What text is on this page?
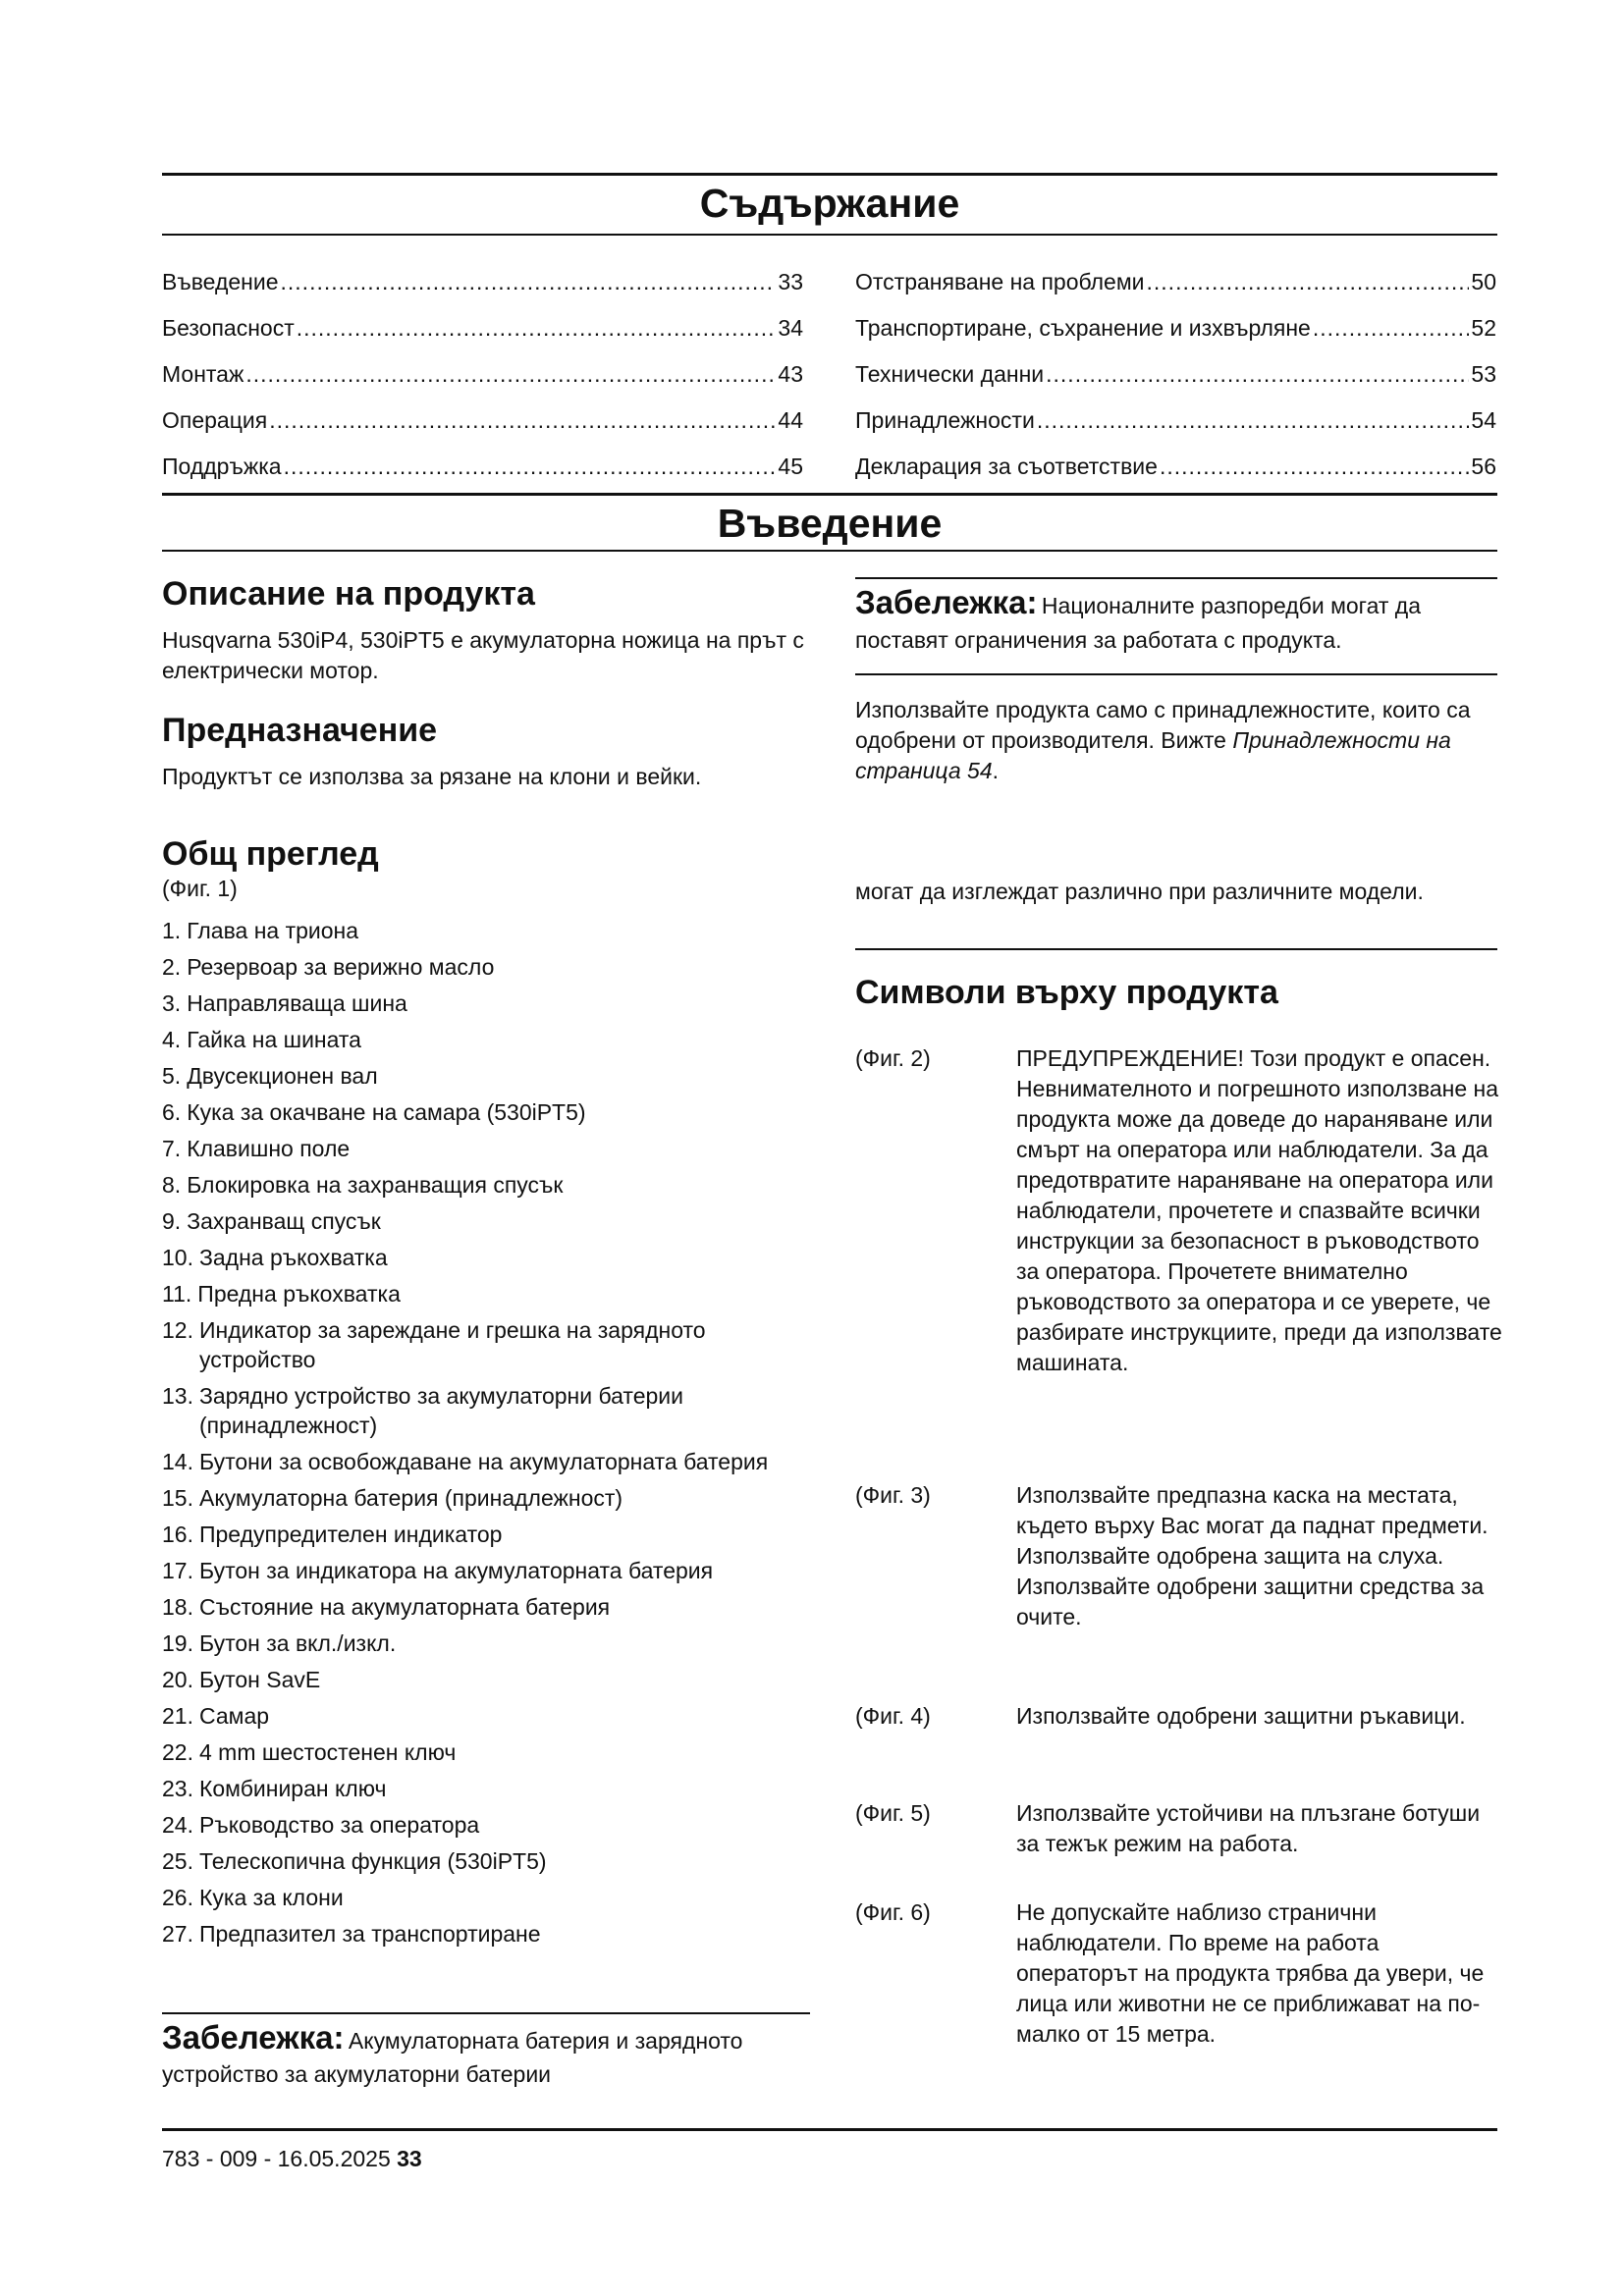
Съдържание
Въведение .....	33
Безопасност .....	34
Монтаж .....	43
Операция .....	44
Поддръжка .....	45
Отстраняване на проблеми .....	50
Транспортиране, съхранение и изхвърляне .....	52
Технически данни .....	53
Принадлежности .....	54
Декларация за съответствие .....	56
Въведение
Описание на продукта

Husqvarna 530iP4, 530iPT5 е акумулаторна ножица на прът с електрически мотор.

Предназначение

Продуктът се използва за рязане на клони и вейки.

Общ преглед

(Фиг. 1)

1. Глава на триона
2. Резервоар за верижно масло
3. Направляваща шина
4. Гайка на шината
5. Двусекционен вал
6. Кука за окачване на самара (530iPT5)
7. Клавишно поле
8. Блокировка на захранващия спусък
9. Захранващ спусък
10. Задна ръкохватка
11. Предна ръкохватка
12. Индикатор за зареждане и грешка на зарядното устройство
13. Зарядно устройство за акумулаторни батерии (принадлежност)
14. Бутони за освобождаване на акумулаторната батерия
15. Акумулаторна батерия (принадлежност)
16. Предупредителен индикатор
17. Бутон за индикатора на акумулаторната батерия
18. Състояние на акумулаторната батерия
19. Бутон за вкл./изкл.
20. Бутон SavE
21. Самар
22. 4 mm шестостенен ключ
23. Комбиниран ключ
24. Ръководство за оператора
25. Телескопична функция (530iPT5)
26. Кука за клони
27. Предпазител за транспортиране
Забележка: Акумулаторната батерия и зарядното устройство за акумулаторни батерии
Забележка: Националните разпоредби могат да поставят ограничения за работата с продукта.

Използвайте продукта само с принадлежностите, които са одобрени от производителя. Вижте Принадлежности на страница 54.

могат да изглеждат различно при различните модели.

Символи върху продукта
(Фиг. 2)	ПРЕДУПРЕЖДЕНИЕ! Този продукт е опасен. Невнимателното и погрешното използване на продукта може да доведе до нараняване или смърт на оператора или наблюдатели. За да предотвратите нараняване на оператора или наблюдатели, прочетете и спазвайте всички инструкции за безопасност в ръководството за оператора. Прочетете внимателно ръководството за оператора и се уверете, че разбирате инструкциите, преди да използвате машината.
(Фиг. 3)	Използвайте предпазна каска на местата, където върху Вас могат да паднат предмети. Използвайте одобрена защита на слуха. Използвайте одобрени защитни средства за очите.
(Фиг. 4)	Използвайте одобрени защитни ръкавици.
(Фиг. 5)	Използвайте устойчиви на плъзгане ботуши за тежък режим на работа.
(Фиг. 6)	Не допускайте наблизо странични наблюдатели. По време на работа операторът на продукта трябва да увери, че лица или животни не се приближават на по-малко от 15 метра.
783 - 009 - 16.05.2025 33
